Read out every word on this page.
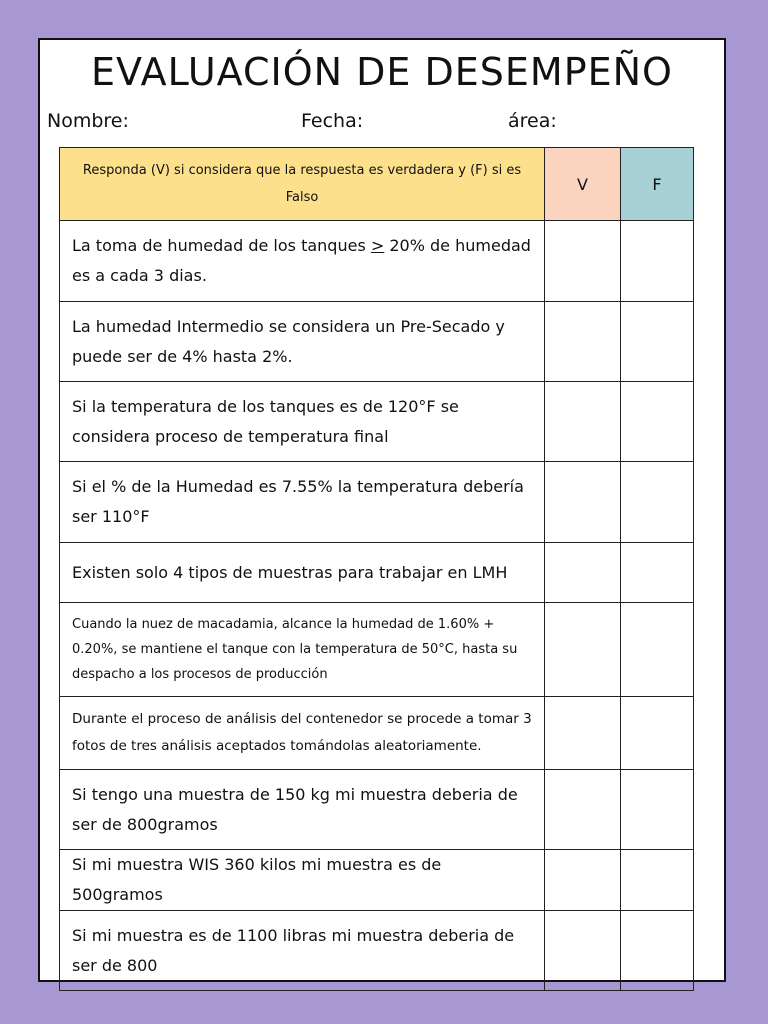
EVALUACIÓN DE DESEMPEÑO
Nombre:	Fecha:	área:
Responda (V) si considera que la respuesta es verdadera y (F) si es Falso	V	F
La toma de humedad de los tanques > 20% de humedad es a cada 3 dias.		
La humedad Intermedio se considera un Pre-Secado y puede ser de 4% hasta 2%.		
Si la temperatura de los tanques es de 120°F se considera proceso de temperatura final		
Si el % de la Humedad es 7.55% la temperatura debería ser 110°F		
Existen solo 4 tipos de muestras para trabajar en LMH		
Cuando la nuez de macadamia, alcance la humedad de 1.60% + 0.20%, se mantiene el tanque con la temperatura de 50°C, hasta su despacho a los procesos de producción		
Durante el proceso de análisis del contenedor se procede a tomar 3 fotos de tres análisis aceptados tomándolas aleatoriamente.		
Si tengo una muestra de 150 kg mi muestra deberia de ser de 800gramos		
Si mi muestra WIS 360 kilos mi muestra es de 500gramos		
Si mi muestra es de 1100 libras mi muestra deberia de ser de 800		
